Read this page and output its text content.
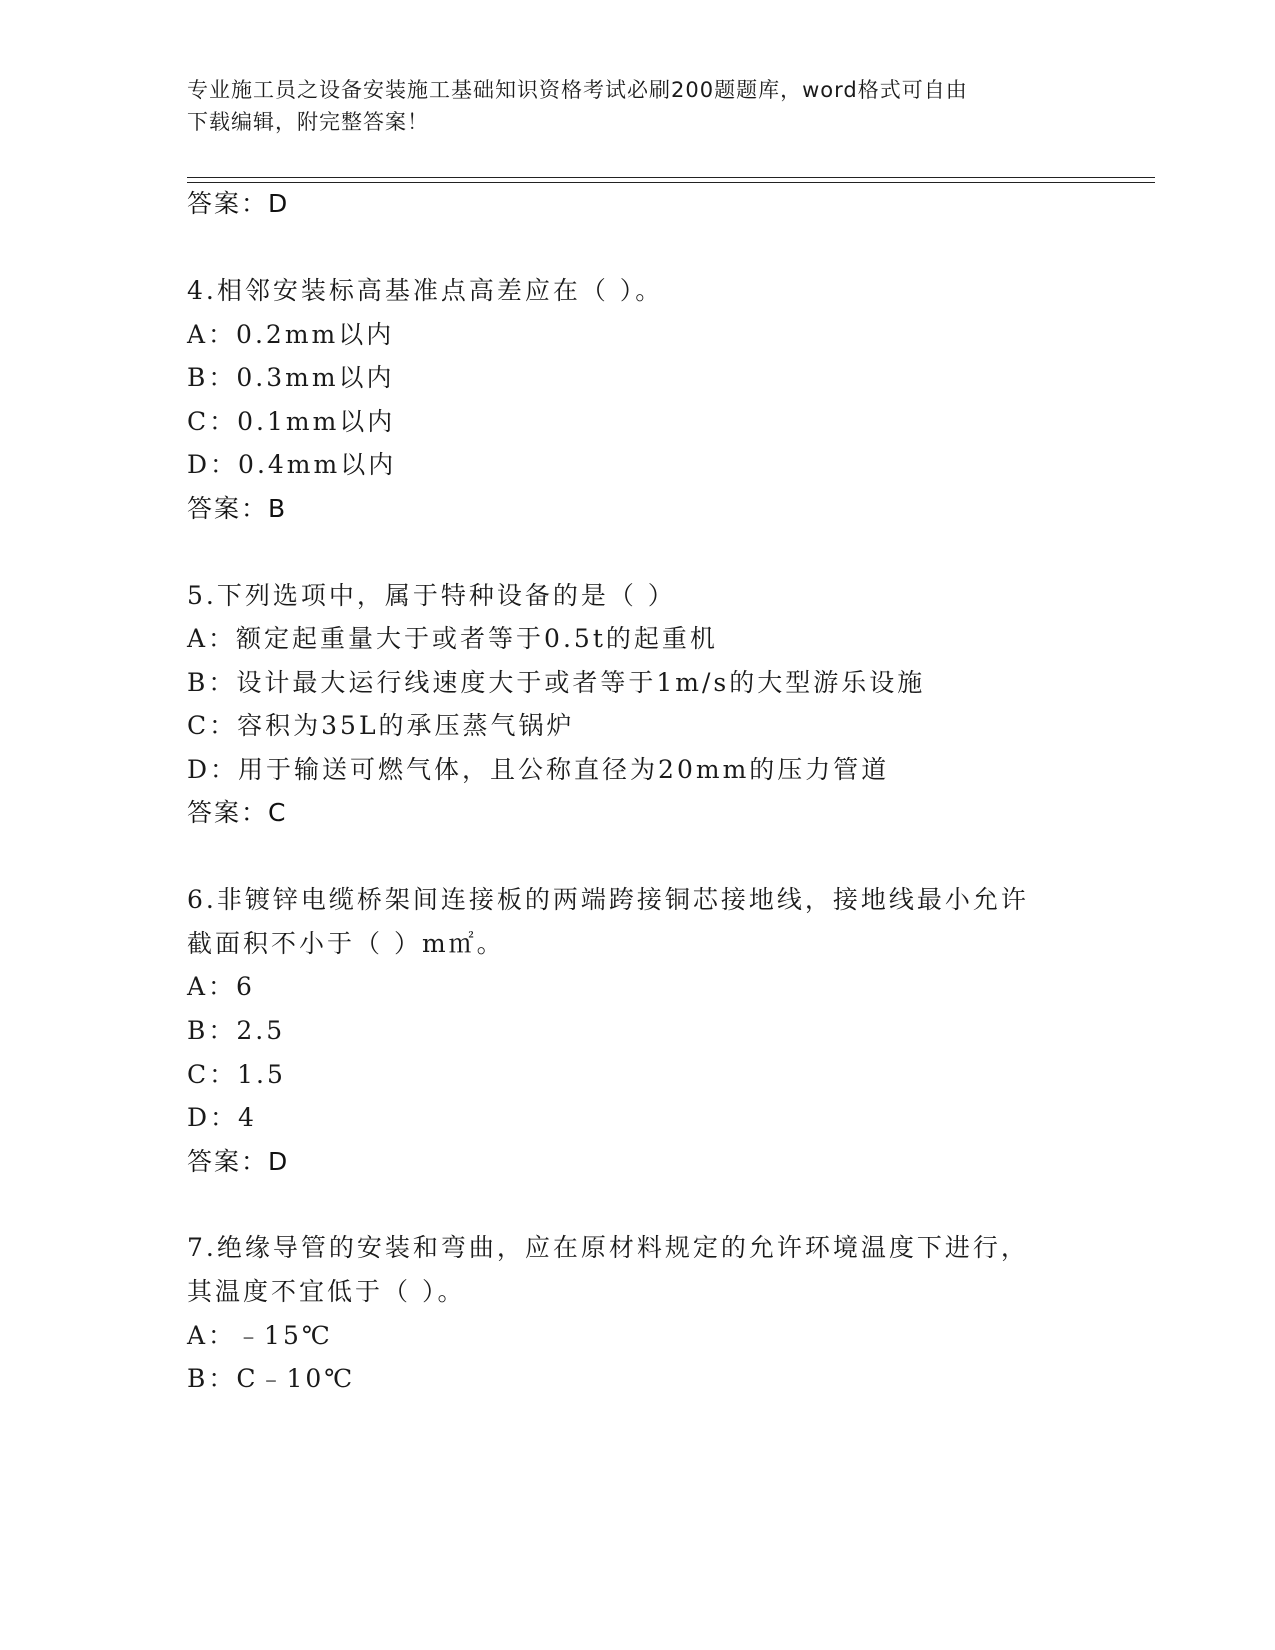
专业施工员之设备安装施工基础知识资格考试必刷200题题库，word格式可自由
下载编辑，附完整答案！
答案：D
4.相邻安装标高基准点高差应在（ ）。
A：0.2mm以内
B：0.3mm以内
C：0.1mm以内
D：0.4mm以内
答案：B
5.下列选项中，属于特种设备的是（ ）
A：额定起重量大于或者等于0.5t的起重机
B：设计最大运行线速度大于或者等于1m/s的大型游乐设施
C：容积为35L的承压蒸气锅炉
D：用于输送可燃气体，且公称直径为20mm的压力管道
答案：C
6.非镀锌电缆桥架间连接板的两端跨接铜芯接地线，接地线最小允许
截面积不小于（ ）m㎡。
A：6
B：2.5
C：1.5
D：4
答案：D
7.绝缘导管的安装和弯曲，应在原材料规定的允许环境温度下进行，
其温度不宜低于（ ）。
A：﹣15℃
B：C﹣10℃
